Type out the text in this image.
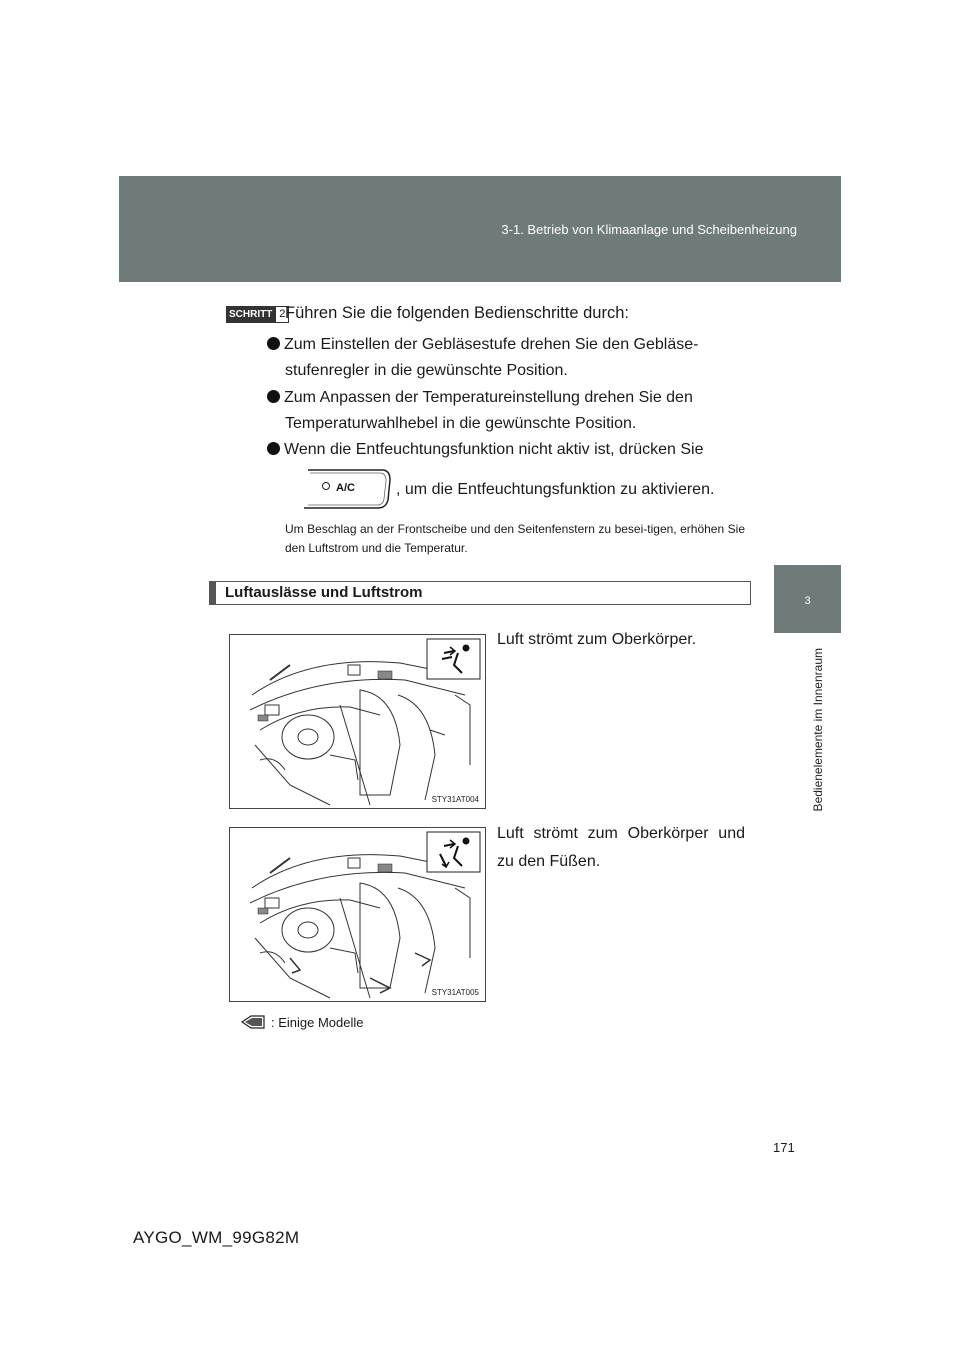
3-1. Betrieb von Klimaanlage und Scheibenheizung
3
Bedienelemente im Innenraum
SCHRITT 2 Führen Sie die folgenden Bedienschritte durch:
Zum Einstellen der Gebläsestufe drehen Sie den Gebläse-
stufenregler in die gewünschte Position.
Zum Anpassen der Temperatureinstellung drehen Sie den
Temperaturwahlhebel in die gewünschte Position.
Wenn die Entfeuchtungsfunktion nicht aktiv ist, drücken Sie
A/C	, um die Entfeuchtungsfunktion zu aktivieren.
Um Beschlag an der Frontscheibe und den Seitenfenstern zu besei-tigen, erhöhen Sie den Luftstrom und die Temperatur.
Luftauslässe und Luftstrom
STY31AT004
Luft strömt zum Oberkörper.
STY31AT005
Luft strömt zum Oberkörper und zu den Füßen.
: Einige Modelle
171
AYGO_WM_99G82M
